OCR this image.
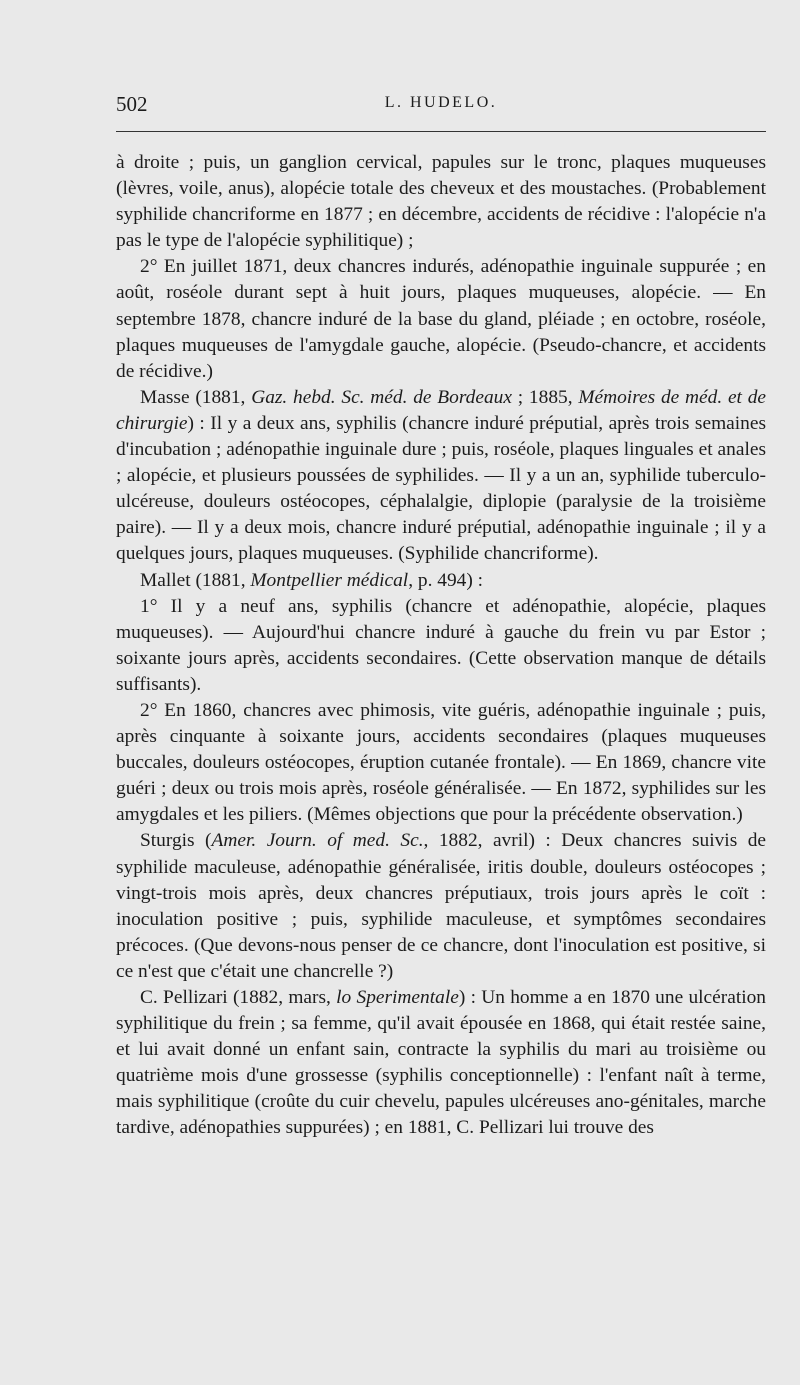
502	L. HUDELO.

à droite ; puis, un ganglion cervical, papules sur le tronc, plaques muqueuses (lèvres, voile, anus), alopécie totale des cheveux et des moustaches. (Probablement syphilide chancriforme en 1877 ; en décembre, accidents de récidive : l'alopécie n'a pas le type de l'alopécie syphilitique) ;

2° En juillet 1871, deux chancres indurés, adénopathie inguinale suppurée ; en août, roséole durant sept à huit jours, plaques muqueuses, alopécie. — En septembre 1878, chancre induré de la base du gland, pléiade ; en octobre, roséole, plaques muqueuses de l'amygdale gauche, alopécie. (Pseudo-chancre, et accidents de récidive.)

Masse (1881, Gaz. hebd. Sc. méd. de Bordeaux ; 1885, Mémoires de méd. et de chirurgie) : Il y a deux ans, syphilis (chancre induré préputial, après trois semaines d'incubation ; adénopathie inguinale dure ; puis, roséole, plaques linguales et anales ; alopécie, et plusieurs poussées de syphilides. — Il y a un an, syphilide tuberculo-ulcéreuse, douleurs ostéocopes, céphalalgie, diplopie (paralysie de la troisième paire). — Il y a deux mois, chancre induré préputial, adénopathie inguinale ; il y a quelques jours, plaques muqueuses. (Syphilide chancriforme).

Mallet (1881, Montpellier médical, p. 494) :

1° Il y a neuf ans, syphilis (chancre et adénopathie, alopécie, plaques muqueuses). — Aujourd'hui chancre induré à gauche du frein vu par Estor ; soixante jours après, accidents secondaires. (Cette observation manque de détails suffisants).

2° En 1860, chancres avec phimosis, vite guéris, adénopathie inguinale ; puis, après cinquante à soixante jours, accidents secondaires (plaques muqueuses buccales, douleurs ostéocopes, éruption cutanée frontale). — En 1869, chancre vite guéri ; deux ou trois mois après, roséole généralisée. — En 1872, syphilides sur les amygdales et les piliers. (Mêmes objections que pour la précédente observation.)

Sturgis (Amer. Journ. of med. Sc., 1882, avril) : Deux chancres suivis de syphilide maculeuse, adénopathie généralisée, iritis double, douleurs ostéocopes ; vingt-trois mois après, deux chancres préputiaux, trois jours après le coït : inoculation positive ; puis, syphilide maculeuse, et symptômes secondaires précoces. (Que devons-nous penser de ce chancre, dont l'inoculation est positive, si ce n'est que c'était une chancrelle ?)

C. Pellizari (1882, mars, lo Sperimentale) : Un homme a en 1870 une ulcération syphilitique du frein ; sa femme, qu'il avait épousée en 1868, qui était restée saine, et lui avait donné un enfant sain, contracte la syphilis du mari au troisième ou quatrième mois d'une grossesse (syphilis conceptionnelle) : l'enfant naît à terme, mais syphilitique (croûte du cuir chevelu, papules ulcéreuses ano-génitales, marche tardive, adénopathies suppurées) ; en 1881, C. Pellizari lui trouve des
